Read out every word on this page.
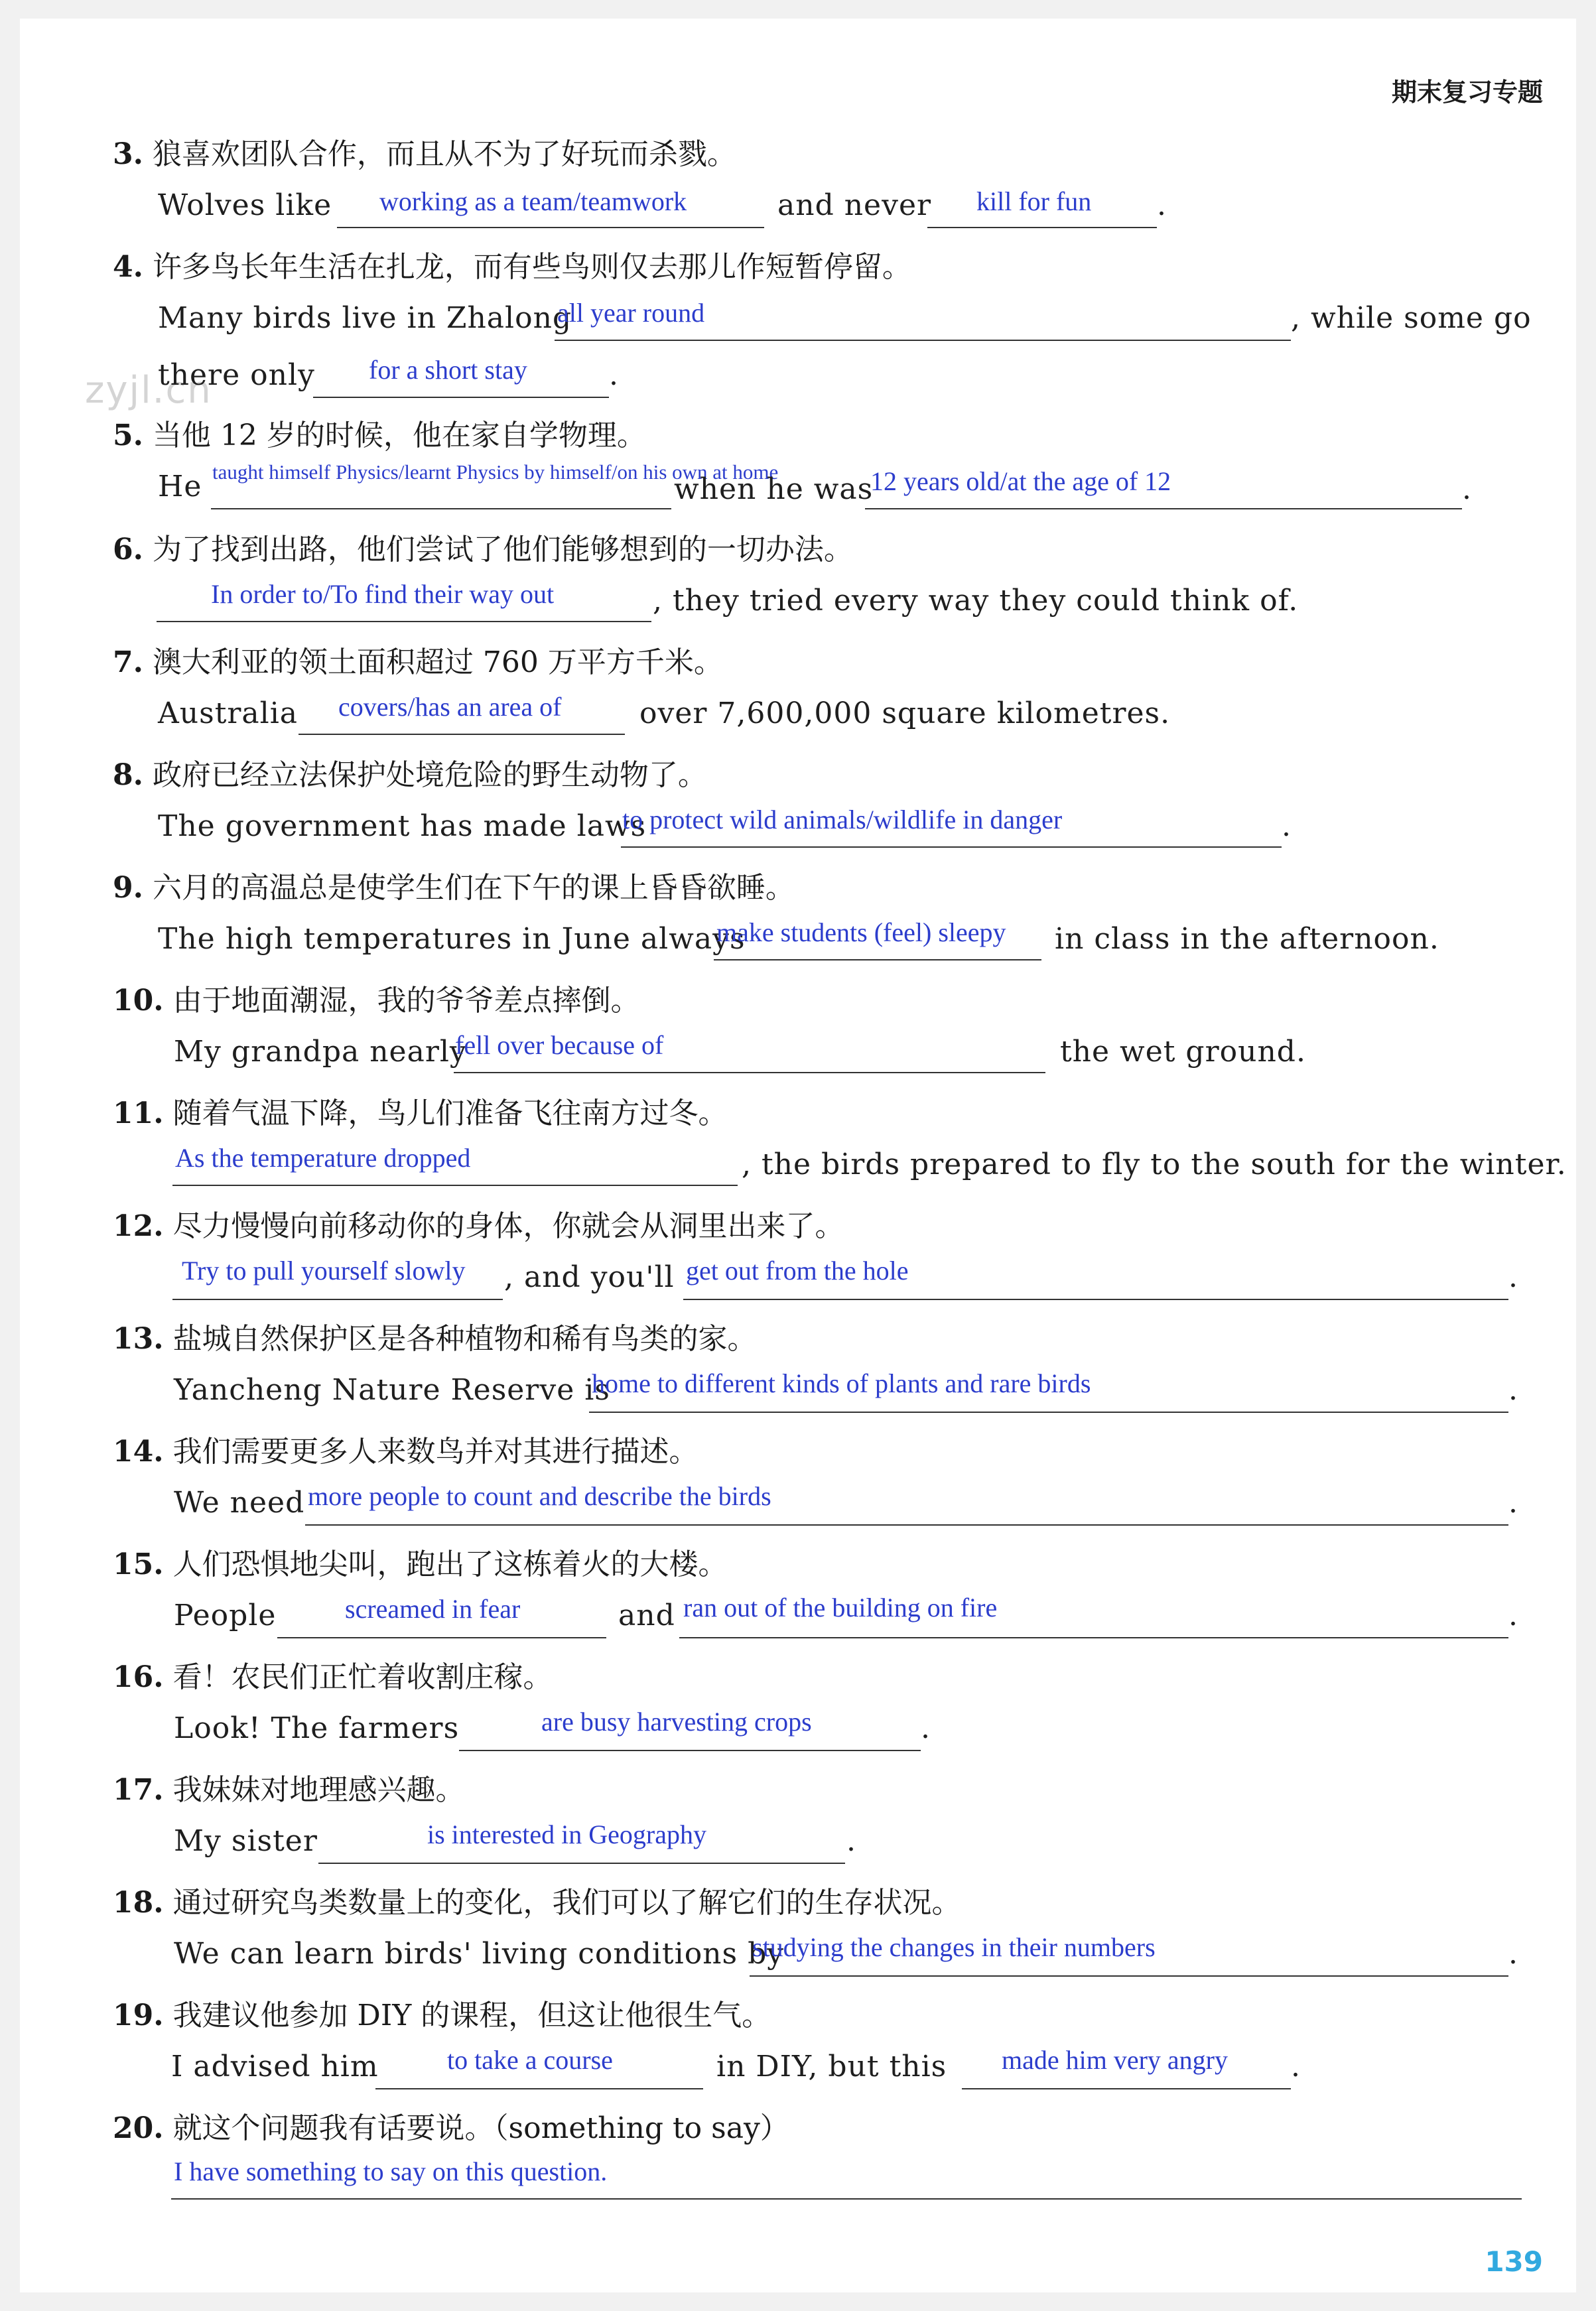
期末复习专题
zyjl.cn
139
3. 狼喜欢团队合作，而且从不为了好玩而杀戮。
Wolves like working as a team/teamwork	and never kill for fun .
4. 许多鸟长年生活在扎龙，而有些鸟则仅去那儿作短暂停留。
Many birds live in Zhalong
all year round	, while some go
there only for a short stay	.
5. 当他 12 岁的时候，他在家自学物理。
He taught himself Physics/learnt Physics by himself/on his own at home
when he was
12 years old/at the age of 12	.
6. 为了找到出路，他们尝试了他们能够想到的一切办法。
In order to/To find their way out	, they tried every way they could think of.
7. 澳大利亚的领土面积超过 760 万平方千米。
Australia covers/has an area of	over 7,600,000 square kilometres.
8. 政府已经立法保护处境危险的野生动物了。
The government has made laws
to protect wild animals/wildlife in danger	.
9. 六月的高温总是使学生们在下午的课上昏昏欲睡。
The high temperatures in June always
make students (feel) sleepy in class in the afternoon.
10. 由于地面潮湿，我的爷爷差点摔倒。
My grandpa nearly
fell over because of	the wet ground.
11. 随着气温下降，鸟儿们准备飞往南方过冬。
As the temperature dropped	, the birds prepared to fly to the south for the winter.
12. 尽力慢慢向前移动你的身体，你就会从洞里出来了。
Try to pull yourself slowly , and you'll get out from the hole	.
13. 盐城自然保护区是各种植物和稀有鸟类的家。
Yancheng Nature Reserve is
home to different kinds of plants and rare birds	.
14. 我们需要更多人来数鸟并对其进行描述。
We need more people to count and describe the birds	.
15. 人们恐惧地尖叫，跑出了这栋着火的大楼。
People	screamed in fear	and ran out of the building on fire	.
16. 看！农民们正忙着收割庄稼。
Look! The farmers	are busy harvesting crops	.
17. 我妹妹对地理感兴趣。
My sister	is interested in Geography	.
18. 通过研究鸟类数量上的变化，我们可以了解它们的生存状况。
We can learn birds' living conditions by
studying the changes in their numbers	.
19. 我建议他参加 DIY 的课程，但这让他很生气。
I advised him	to take a course	in DIY, but this made him very angry .
20. 就这个问题我有话要说。（something to say）
I have something to say on this question.
